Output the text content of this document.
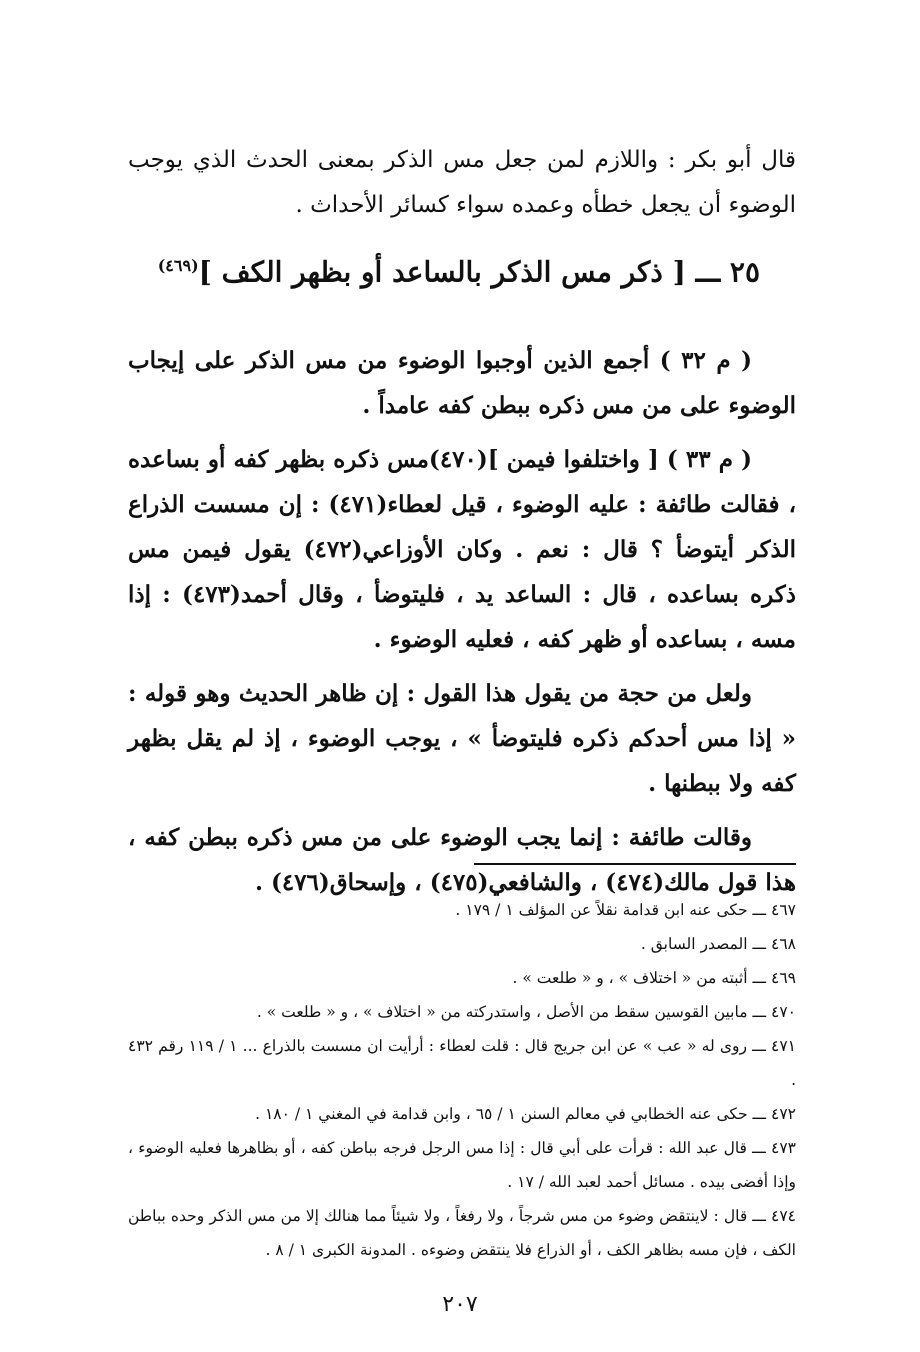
قال أبو بكر : واللازم لمن جعل مس الذكر بمعنى الحدث الذي يوجب الوضوء أن يجعل خطأه وعمده سواء كسائر الأحداث .
٢٥ ـــ [ ذكر مس الذكر بالساعد أو بظهر الكف ]$^{(٤٦٩)}$

( م ٣٢ ) أجمع الذين أوجبوا الوضوء من مس الذكر على إيجاب الوضوء على من مس ذكره ببطن كفه عامداً .

( م ٣٣ ) [ واختلفوا فيمن ](٤٧٠)مس ذكره بظهر كفه أو بساعده ، فقالت طائفة : عليه الوضوء ، قيل لعطاء(٤٧١) : إن مسست الذراع الذكر أيتوضأ ؟ قال : نعم . وكان الأوزاعي(٤٧٢) يقول فيمن مس ذكره بساعده ، قال : الساعد يد ، فليتوضأ ، وقال أحمد(٤٧٣) : إذا مسه ، بساعده أو ظهر كفه ، فعليه الوضوء .

ولعل من حجة من يقول هذا القول : إن ظاهر الحديث وهو قوله : « إذا مس أحدكم ذكره فليتوضأ » ، يوجب الوضوء ، إذ لم يقل بظهر كفه ولا ببطنها .

وقالت طائفة : إنما يجب الوضوء على من مس ذكره ببطن كفه ، هذا قول مالك(٤٧٤) ، والشافعي(٤٧٥) ، وإسحاق(٤٧٦) .

٤٦٧ ـــ حكى عنه ابن قدامة نقلاً عن المؤلف ١ / ١٧٩ .
٤٦٨ ـــ المصدر السابق .
٤٦٩ ـــ أثبته من « اختلاف » ، و « طلعت » .
٤٧٠ ـــ مابين القوسين سقط من الأصل ، واستدركته من « اختلاف » ، و « طلعت » .
٤٧١ ـــ روى له « عب » عن ابن جريج قال : قلت لعطاء : أرأيت ان مسست بالذراع ... ١ / ١١٩ رقم ٤٣٢ .
٤٧٢ ـــ حكى عنه الخطابي في معالم السنن ١ / ٦٥ ، وابن قدامة في المغني ١ / ١٨٠ .
٤٧٣ ـــ قال عبد الله : قرأت على أبي قال : إذا مس الرجل فرجه بباطن كفه ، أو بظاهرها فعليه الوضوء ، وإذا أفضى بيده . مسائل أحمد لعبد الله / ١٧ .
٤٧٤ ـــ قال : لاينتقض وضوء من مس شرجاً ، ولا رفغاً ، ولا شيئاً مما هنالك إلا من مس الذكر وحده بباطن الكف ، فإن مسه بظاهر الكف ، أو الذراع فلا ينتقض وضوءه . المدونة الكبرى ١ / ٨ .
٢٠٧
